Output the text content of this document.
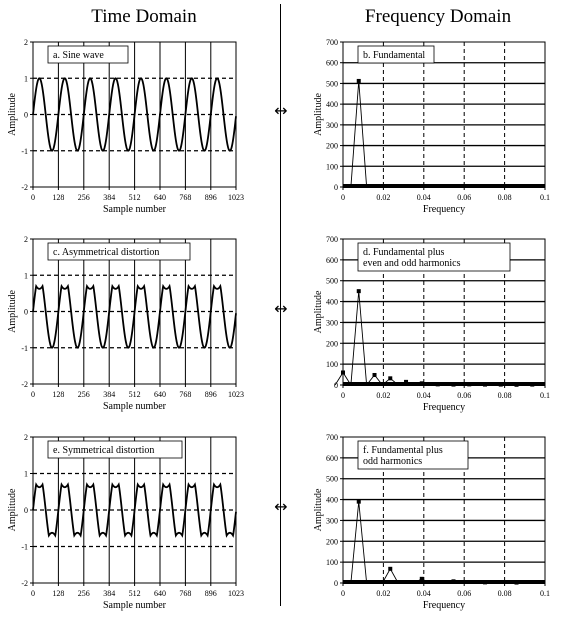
Time Domain	Frequency Domain
↔
↔
↔
0 128 256 384 512 640 768 896 1023
2
1
0
-1
-2
Sample number
Amplitude
a. Sine wave
0	0.02	0.04	0.06	0.08	0.1
700
600
500
400
300
200
100
0
Frequency
Amplitude
b. Fundamental
0 128 256 384 512 640 768 896 1023
2
1
0
-1
-2
Sample number
Amplitude
c. Asymmetrical distortion
0	0.02	0.04	0.06	0.08	0.1
700
600
500
400
300
200
100
0
Frequency
Amplitude
d. Fundamental plus
even and odd harmonics
0 128 256 384 512 640 768 896 1023
2
1
0
-1
-2
Sample number
Amplitude
e. Symmetrical distortion
0	0.02	0.04	0.06	0.08	0.1
700
600
500
400
300
200
100
0
Frequency
Amplitude
f. Fundamental plus
odd harmonics
